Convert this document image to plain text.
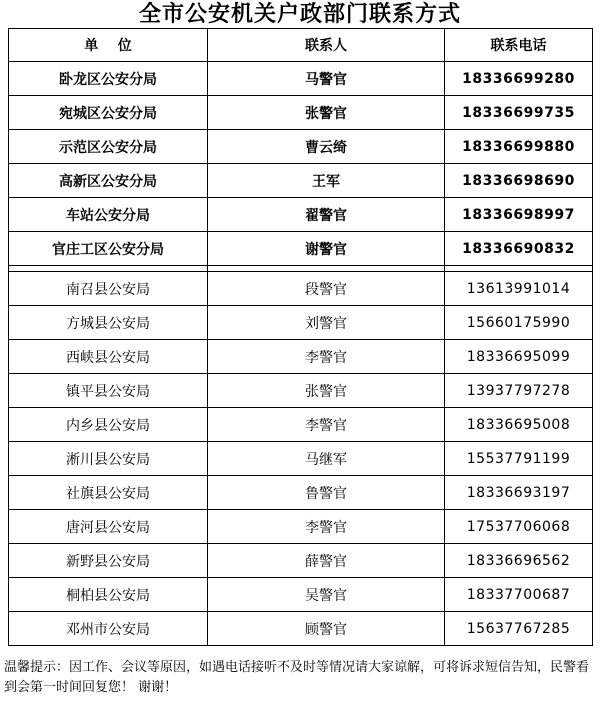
全市公安机关户政部门联系方式
单    位	联系人	联系电话
卧龙区公安分局	马警官	18336699280
宛城区公安分局	张警官	18336699735
示范区公安分局	曹云绮	18336699880
高新区公安分局	王军	18336698690
车站公安分局	翟警官	18336698997
官庄工区公安分局	谢警官	18336690832

南召县公安局	段警官	13613991014
方城县公安局	刘警官	15660175990
西峡县公安局	李警官	18336695099
镇平县公安局	张警官	13937797278
内乡县公安局	李警官	18336695008
淅川县公安局	马继军	15537791199
社旗县公安局	鲁警官	18336693197
唐河县公安局	李警官	17537706068
新野县公安局	薛警官	18336696562
桐柏县公安局	吴警官	18337700687
邓州市公安局	顾警官	15637767285
温馨提示：因工作、会议等原因，如遇电话接听不及时等情况请大家谅解，可将诉求短信告知，民警看到会第一时间回复您！ 谢谢！
